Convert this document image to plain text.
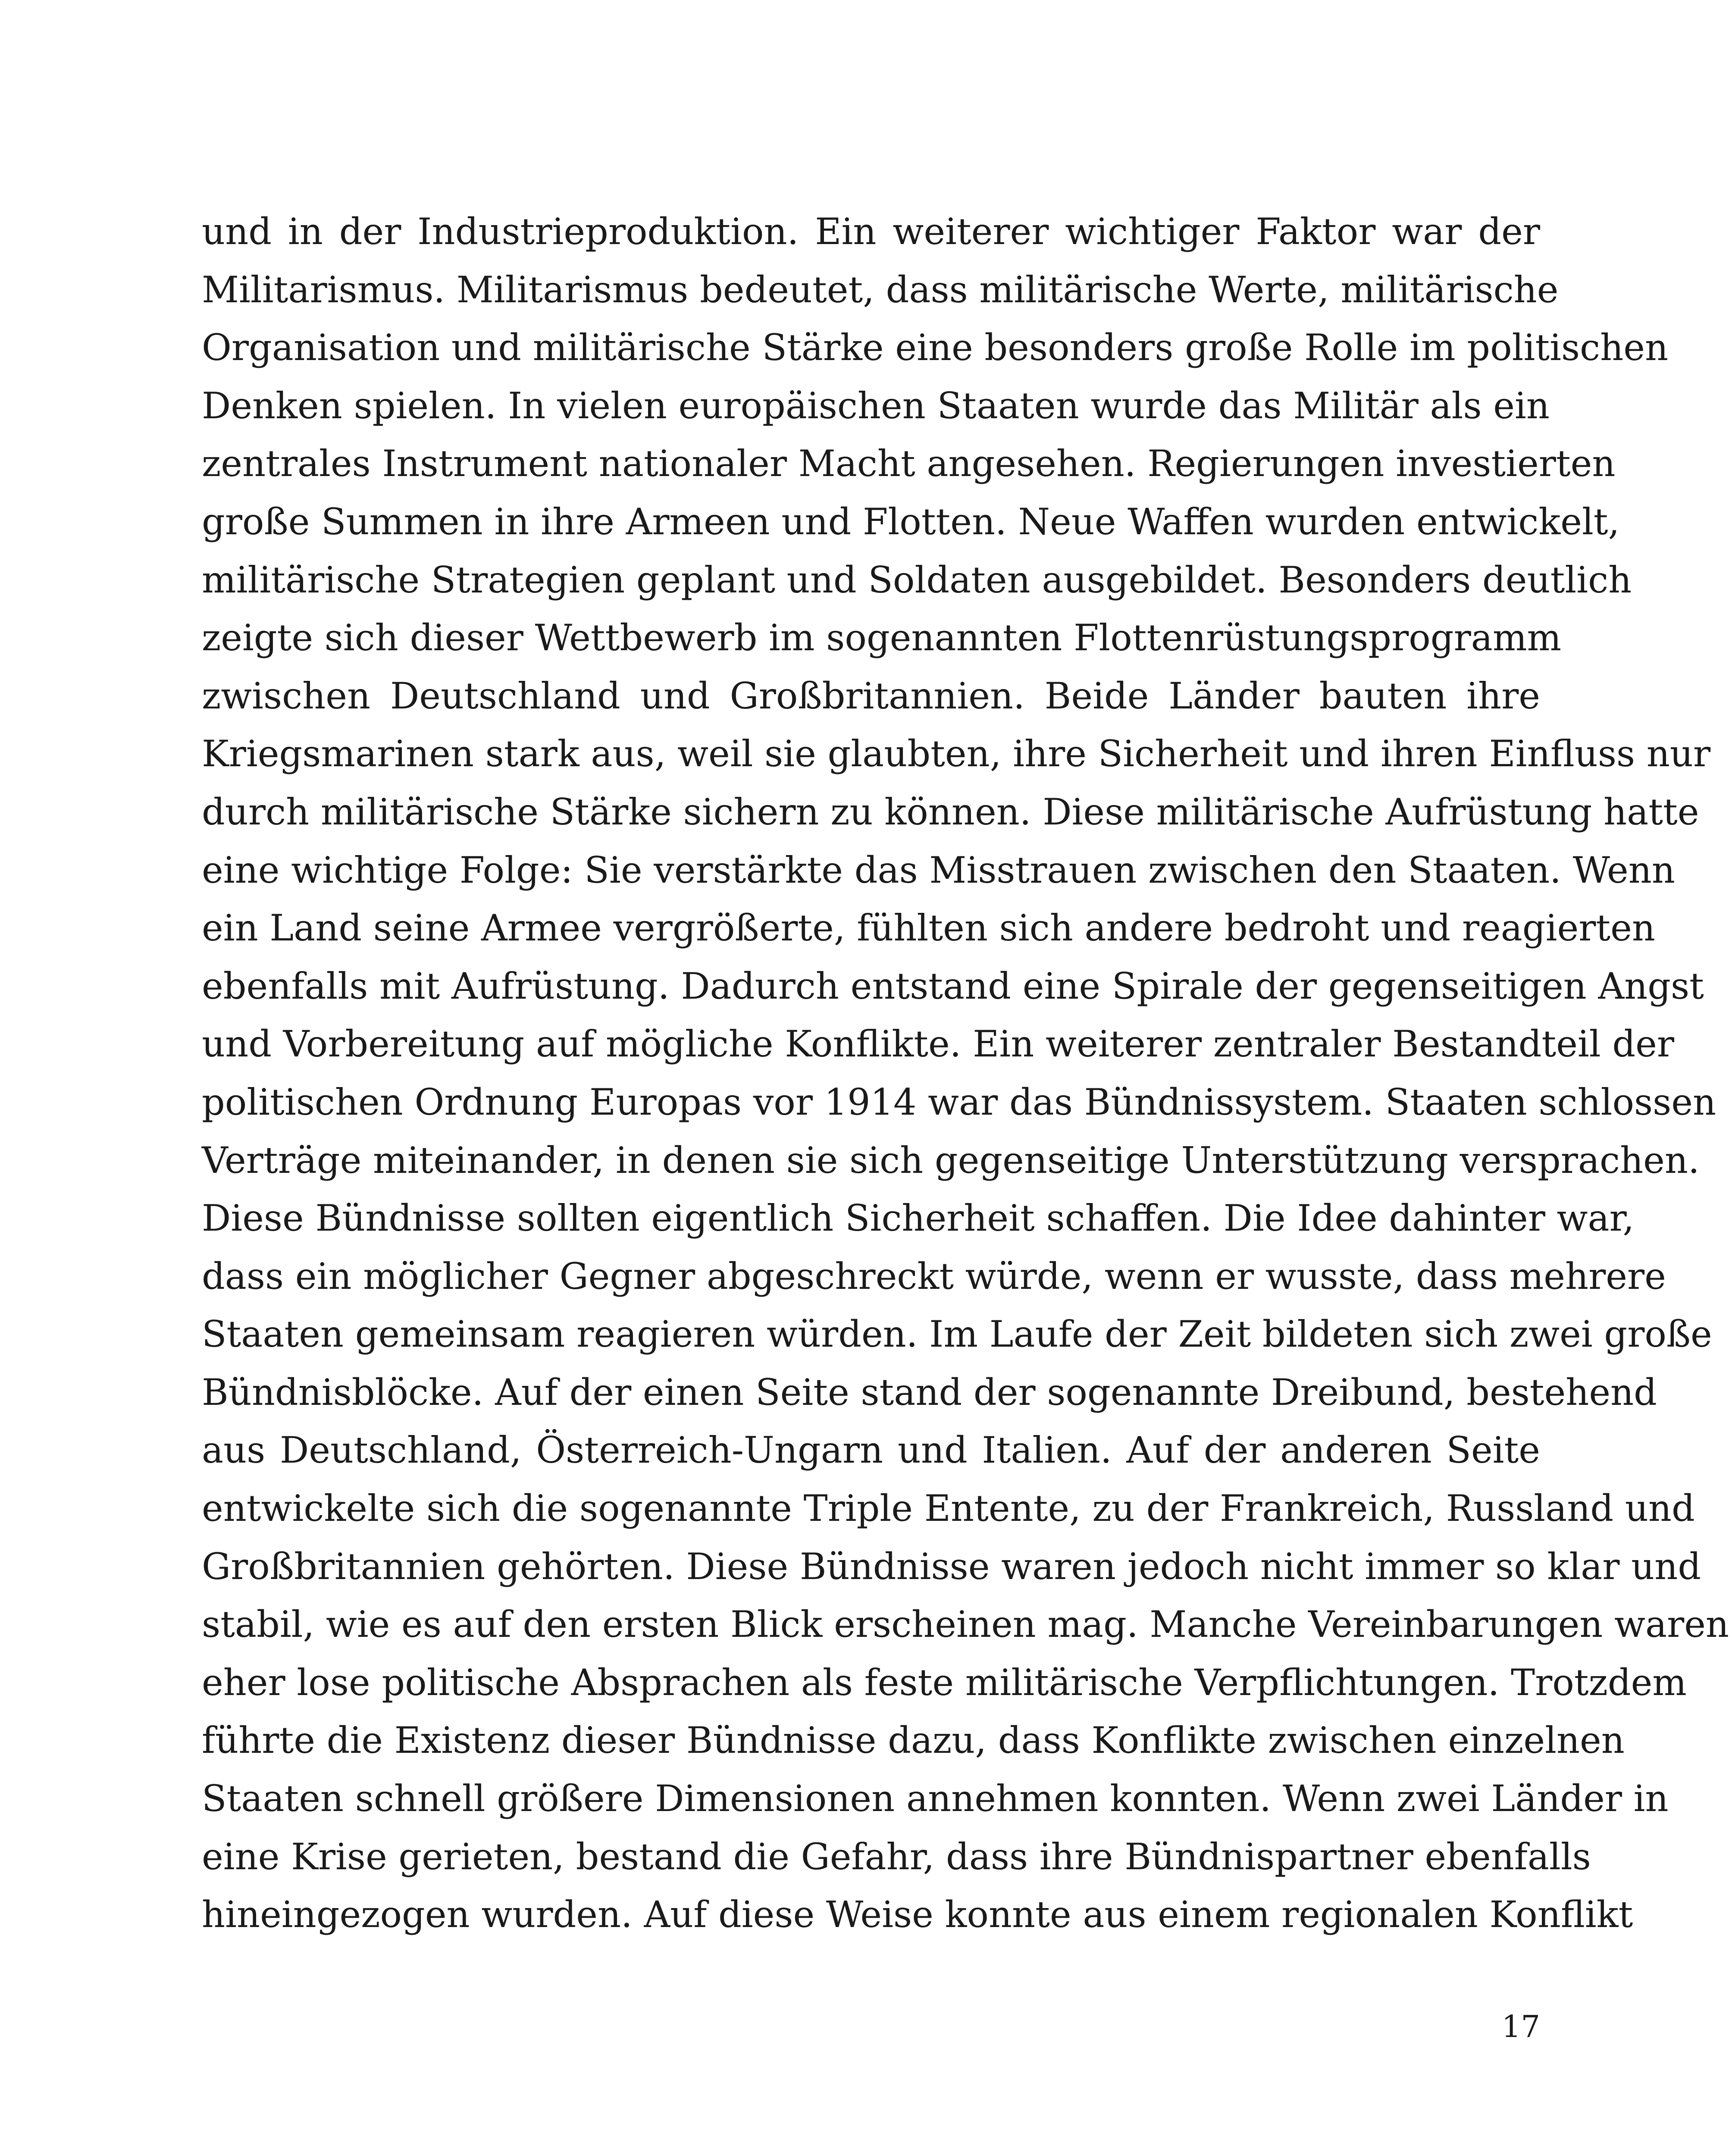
und in der Industrieproduktion. Ein weiterer wichtiger Faktor war der
Militarismus. Militarismus bedeutet, dass militärische Werte, militärische
Organisation und militärische Stärke eine besonders große Rolle im politischen
Denken spielen. In vielen europäischen Staaten wurde das Militär als ein
zentrales Instrument nationaler Macht angesehen. Regierungen investierten
große Summen in ihre Armeen und Flotten. Neue Waffen wurden entwickelt,
militärische Strategien geplant und Soldaten ausgebildet. Besonders deutlich
zeigte sich dieser Wettbewerb im sogenannten Flottenrüstungsprogramm
zwischen Deutschland und Großbritannien. Beide Länder bauten ihre
Kriegsmarinen stark aus, weil sie glaubten, ihre Sicherheit und ihren Einfluss nur
durch militärische Stärke sichern zu können. Diese militärische Aufrüstung hatte
eine wichtige Folge: Sie verstärkte das Misstrauen zwischen den Staaten. Wenn
ein Land seine Armee vergrößerte, fühlten sich andere bedroht und reagierten
ebenfalls mit Aufrüstung. Dadurch entstand eine Spirale der gegenseitigen Angst
und Vorbereitung auf mögliche Konflikte. Ein weiterer zentraler Bestandteil der
politischen Ordnung Europas vor 1914 war das Bündnissystem. Staaten schlossen
Verträge miteinander, in denen sie sich gegenseitige Unterstützung versprachen.
Diese Bündnisse sollten eigentlich Sicherheit schaffen. Die Idee dahinter war,
dass ein möglicher Gegner abgeschreckt würde, wenn er wusste, dass mehrere
Staaten gemeinsam reagieren würden. Im Laufe der Zeit bildeten sich zwei große
Bündnisblöcke. Auf der einen Seite stand der sogenannte Dreibund, bestehend
aus Deutschland, Österreich-Ungarn und Italien. Auf der anderen Seite
entwickelte sich die sogenannte Triple Entente, zu der Frankreich, Russland und
Großbritannien gehörten. Diese Bündnisse waren jedoch nicht immer so klar und
stabil, wie es auf den ersten Blick erscheinen mag. Manche Vereinbarungen waren
eher lose politische Absprachen als feste militärische Verpflichtungen. Trotzdem
führte die Existenz dieser Bündnisse dazu, dass Konflikte zwischen einzelnen
Staaten schnell größere Dimensionen annehmen konnten. Wenn zwei Länder in
eine Krise gerieten, bestand die Gefahr, dass ihre Bündnispartner ebenfalls
hineingezogen wurden. Auf diese Weise konnte aus einem regionalen Konflikt
17
